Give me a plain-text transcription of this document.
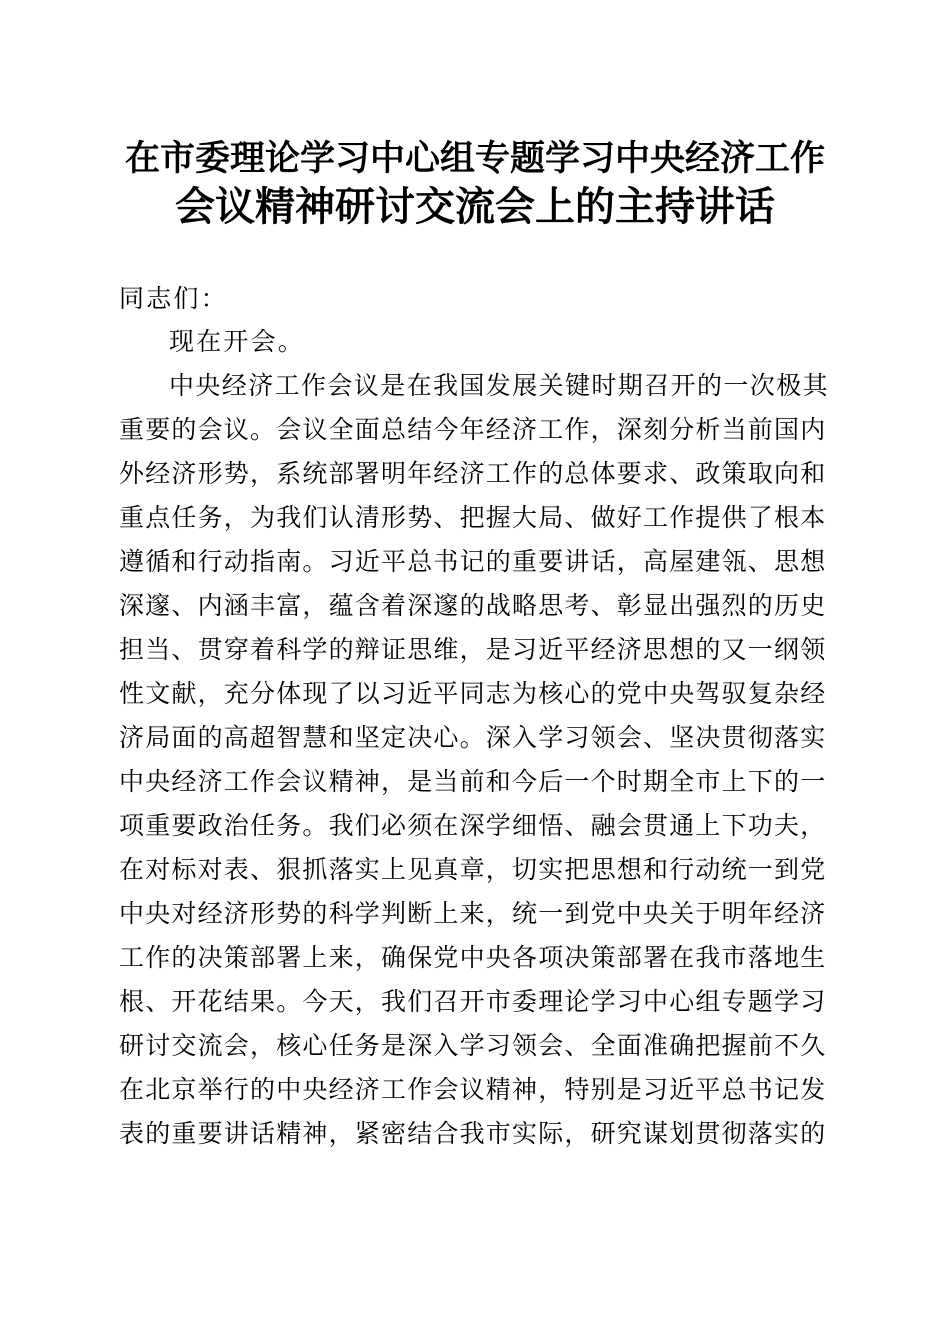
在市委理论学习中心组专题学习中央经济工作
会议精神研讨交流会上的主持讲话
同志们：
现在开会。
中央经济工作会议是在我国发展关键时期召开的一次极其
重要的会议。会议全面总结今年经济工作，深刻分析当前国内
外经济形势，系统部署明年经济工作的总体要求、政策取向和
重点任务，为我们认清形势、把握大局、做好工作提供了根本
遵循和行动指南。习近平总书记的重要讲话，高屋建瓴、思想
深邃、内涵丰富，蕴含着深邃的战略思考、彰显出强烈的历史
担当、贯穿着科学的辩证思维，是习近平经济思想的又一纲领
性文献，充分体现了以习近平同志为核心的党中央驾驭复杂经
济局面的高超智慧和坚定决心。深入学习领会、坚决贯彻落实
中央经济工作会议精神，是当前和今后一个时期全市上下的一
项重要政治任务。我们必须在深学细悟、融会贯通上下功夫，
在对标对表、狠抓落实上见真章，切实把思想和行动统一到党
中央对经济形势的科学判断上来，统一到党中央关于明年经济
工作的决策部署上来，确保党中央各项决策部署在我市落地生
根、开花结果。今天，我们召开市委理论学习中心组专题学习
研讨交流会，核心任务是深入学习领会、全面准确把握前不久
在北京举行的中央经济工作会议精神，特别是习近平总书记发
表的重要讲话精神，紧密结合我市实际，研究谋划贯彻落实的
